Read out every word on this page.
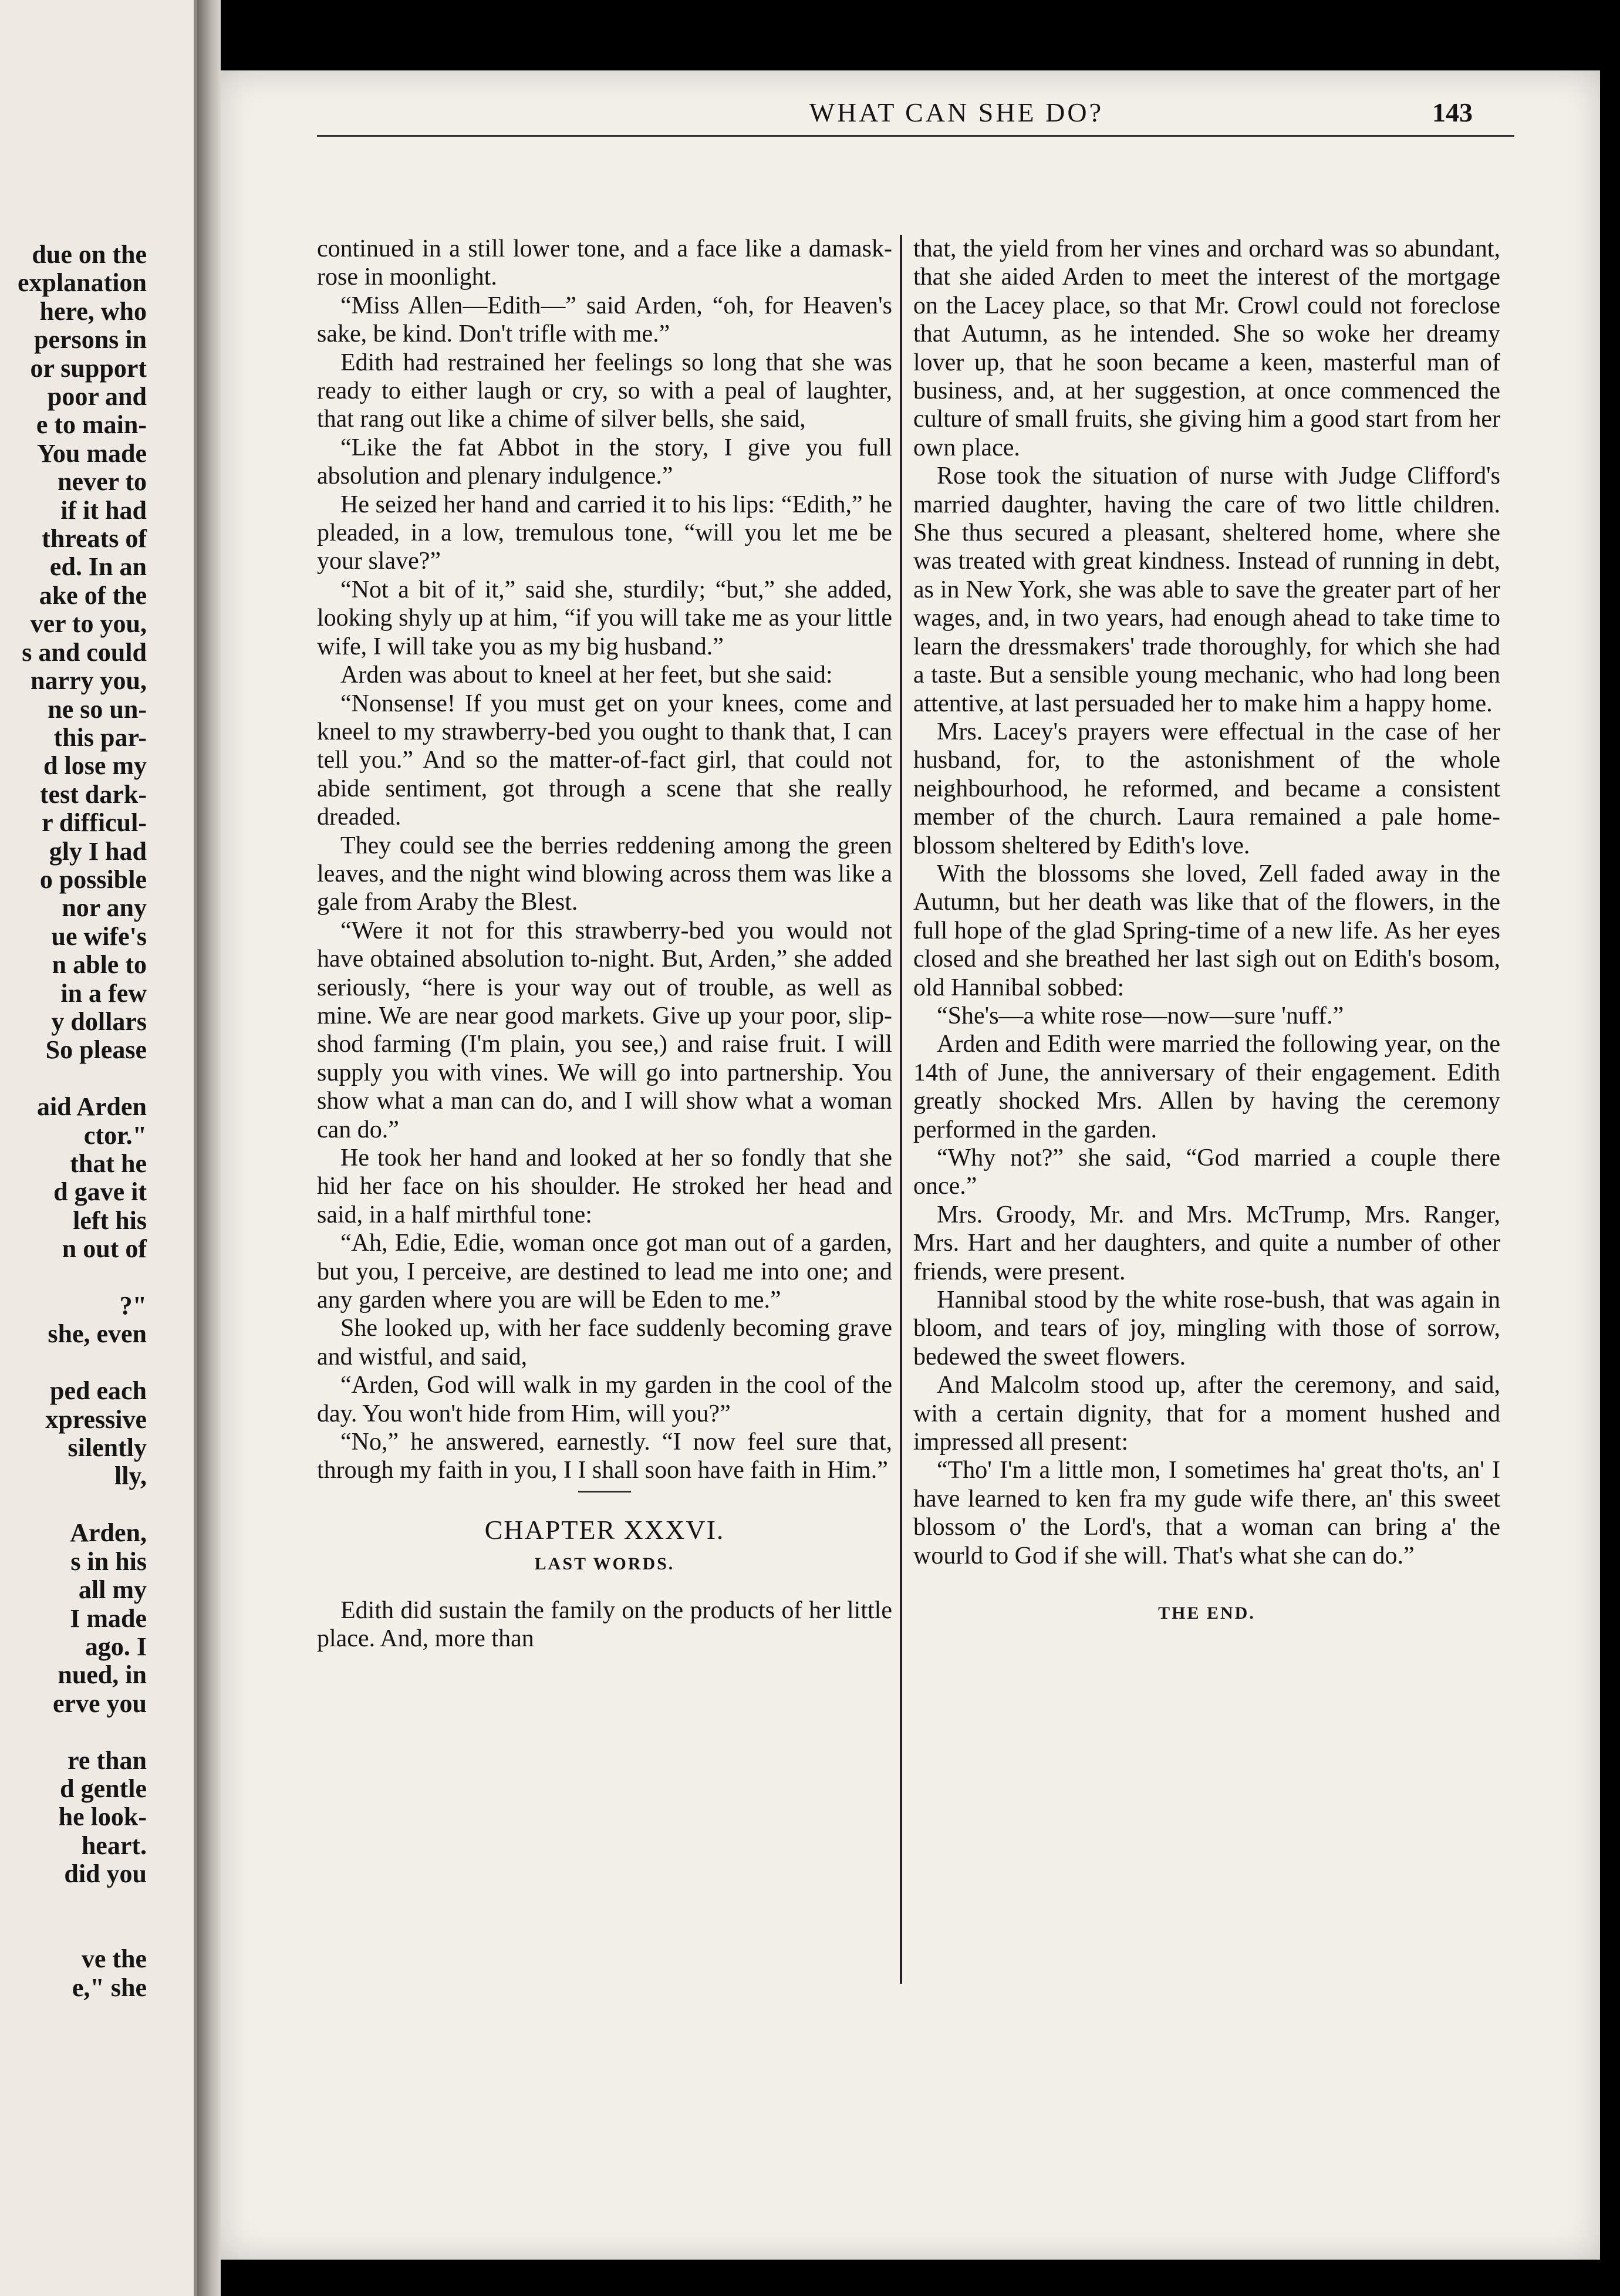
due on the
explanation
here, who
persons in
or support
poor and
e to main-
You made
never to
if it had
threats of
ed. In an
ake of the
ver to you,
s and could
narry you,
ne so un-
this par-
d lose my
test dark-
r difficul-
gly I had
o possible
nor any
ue wife's
n able to
in a few
y dollars
So please

aid Arden
ctor."
that he
d gave it
left his
n out of

?"
she, even

ped each
xpressive
silently
lly,

Arden,
s in his
all my
I made
ago. I
nued, in
erve you

re than
d gentle
he look-
heart.
did you

ve the
e," she
WHAT CAN SHE DO?	143

continued in a still lower tone, and a face like a damask-rose in moonlight.

“Miss Allen—Edith—” said Arden, “oh, for Heaven's sake, be kind. Don't trifle with me.”

Edith had restrained her feelings so long that she was ready to either laugh or cry, so with a peal of laughter, that rang out like a chime of silver bells, she said,

“Like the fat Abbot in the story, I give you full absolution and plenary indulgence.”

He seized her hand and carried it to his lips: “Edith,” he pleaded, in a low, tremulous tone, “will you let me be your slave?”

“Not a bit of it,” said she, sturdily; “but,” she added, looking shyly up at him, “if you will take me as your little wife, I will take you as my big husband.”

Arden was about to kneel at her feet, but she said:

“Nonsense! If you must get on your knees, come and kneel to my strawberry-bed you ought to thank that, I can tell you.” And so the matter-of-fact girl, that could not abide sentiment, got through a scene that she really dreaded.

They could see the berries reddening among the green leaves, and the night wind blowing across them was like a gale from Araby the Blest.

“Were it not for this strawberry-bed you would not have obtained absolution to-night. But, Arden,” she added seriously, “here is your way out of trouble, as well as mine. We are near good markets. Give up your poor, slip-shod farming (I'm plain, you see,) and raise fruit. I will supply you with vines. We will go into partnership. You show what a man can do, and I will show what a woman can do.”

He took her hand and looked at her so fondly that she hid her face on his shoulder. He stroked her head and said, in a half mirthful tone:

“Ah, Edie, Edie, woman once got man out of a garden, but you, I perceive, are destined to lead me into one; and any garden where you are will be Eden to me.”

She looked up, with her face suddenly becoming grave and wistful, and said,

“Arden, God will walk in my garden in the cool of the day. You won't hide from Him, will you?”

“No,” he answered, earnestly. “I now feel sure that, through my faith in you, I I shall soon have faith in Him.”

CHAPTER XXXVI.
LAST WORDS.

Edith did sustain the family on the products of her little place. And, more than

that, the yield from her vines and orchard was so abundant, that she aided Arden to meet the interest of the mortgage on the Lacey place, so that Mr. Crowl could not foreclose that Autumn, as he intended. She so woke her dreamy lover up, that he soon became a keen, masterful man of business, and, at her suggestion, at once commenced the culture of small fruits, she giving him a good start from her own place.

Rose took the situation of nurse with Judge Clifford's married daughter, having the care of two little children. She thus secured a pleasant, sheltered home, where she was treated with great kindness. Instead of running in debt, as in New York, she was able to save the greater part of her wages, and, in two years, had enough ahead to take time to learn the dressmakers' trade thoroughly, for which she had a taste. But a sensible young mechanic, who had long been attentive, at last persuaded her to make him a happy home.

Mrs. Lacey's prayers were effectual in the case of her husband, for, to the astonishment of the whole neighbourhood, he reformed, and became a consistent member of the church. Laura remained a pale home-blossom sheltered by Edith's love.

With the blossoms she loved, Zell faded away in the Autumn, but her death was like that of the flowers, in the full hope of the glad Spring-time of a new life. As her eyes closed and she breathed her last sigh out on Edith's bosom, old Hannibal sobbed:

“She's—a white rose—now—sure 'nuff.”

Arden and Edith were married the following year, on the 14th of June, the anniversary of their engagement. Edith greatly shocked Mrs. Allen by having the ceremony performed in the garden.

“Why not?” she said, “God married a couple there once.”

Mrs. Groody, Mr. and Mrs. McTrump, Mrs. Ranger, Mrs. Hart and her daughters, and quite a number of other friends, were present.

Hannibal stood by the white rose-bush, that was again in bloom, and tears of joy, mingling with those of sorrow, bedewed the sweet flowers.

And Malcolm stood up, after the ceremony, and said, with a certain dignity, that for a moment hushed and impressed all present:

“Tho' I'm a little mon, I sometimes ha' great tho'ts, an' I have learned to ken fra my gude wife there, an' this sweet blossom o' the Lord's, that a woman can bring a' the wourld to God if she will. That's what she can do.”

THE END.
